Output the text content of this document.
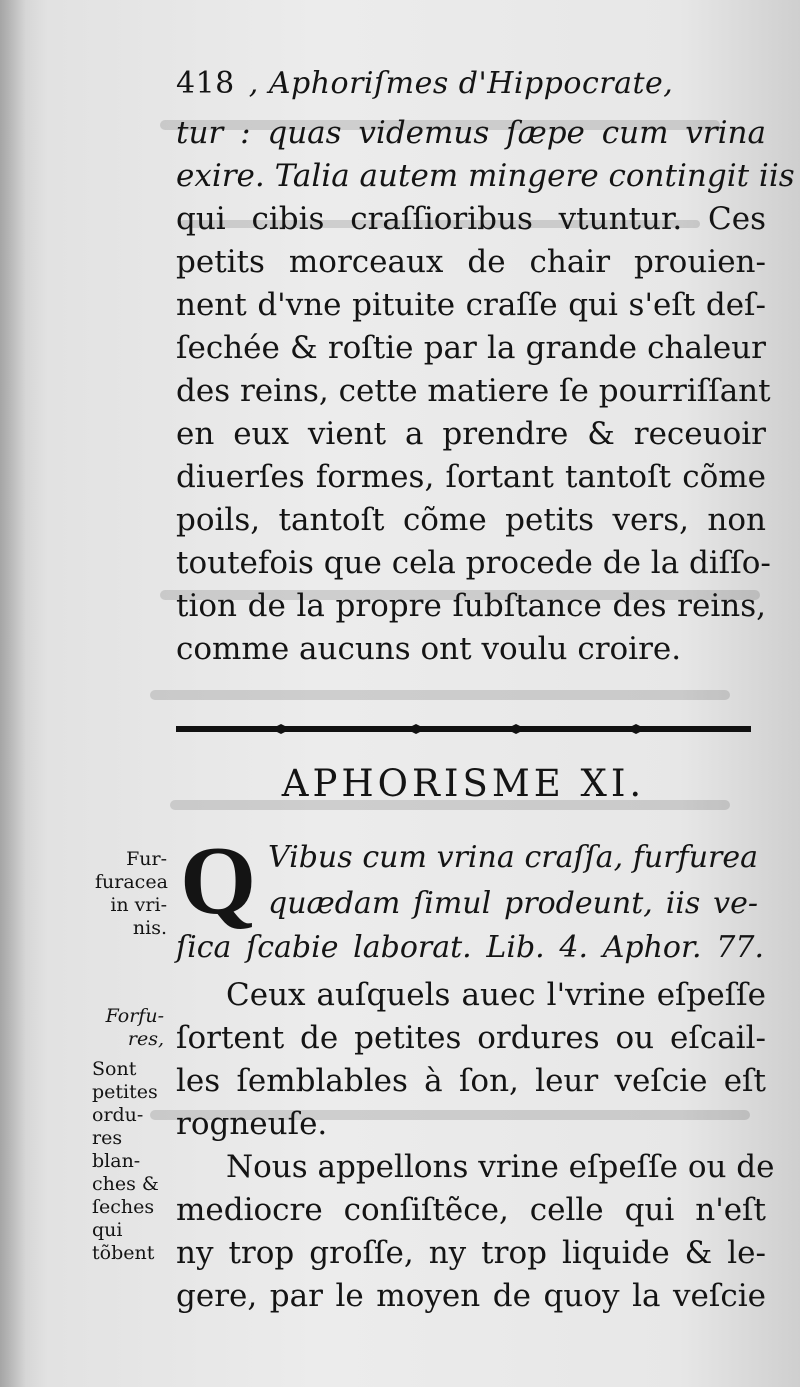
418 , Aphoriſmes d'Hippocrate,
tur : quas videmus ſæpe cum vrina
exire. Talia autem mingere contingit iis
qui cibis craſſioribus vtuntur. Ces
petits morceaux de chair prouien-
nent d'vne pituite craſſe qui s'eſt deſ-
ſechée & roſtie par la grande chaleur
des reins, cette matiere ſe pourriſſant
en eux vient a prendre & receuoir
diuerſes formes, ſortant tantoſt cõme
poils, tantoſt cõme petits vers, non
toutefois que cela procede de la diſſo-
tion de la propre ſubſtance des reins,
comme aucuns ont voulu croire.
APHORISME XI.
Q Vibus cum vrina craſſa, furfurea
quædam ſimul prodeunt, iis ve-
ſica ſcabie laborat. Lib. 4. Aphor. 77.
Ceux auſquels auec l'vrine eſpeſſe
ſortent de petites ordures ou eſcail-
les ſemblables à ſon, leur veſcie eſt
rogneuſe.
Nous appellons vrine eſpeſſe ou de
mediocre conſiſtẽce, celle qui n'eſt
ny trop groſſe, ny trop liquide & le-
gere, par le moyen de quoy la veſcie
Fur-
furacea
in vri-
nis.
Forfu-
res,
Sont
petites
ordu-
res
blan-
ches &
ſeches
qui
tõbent
